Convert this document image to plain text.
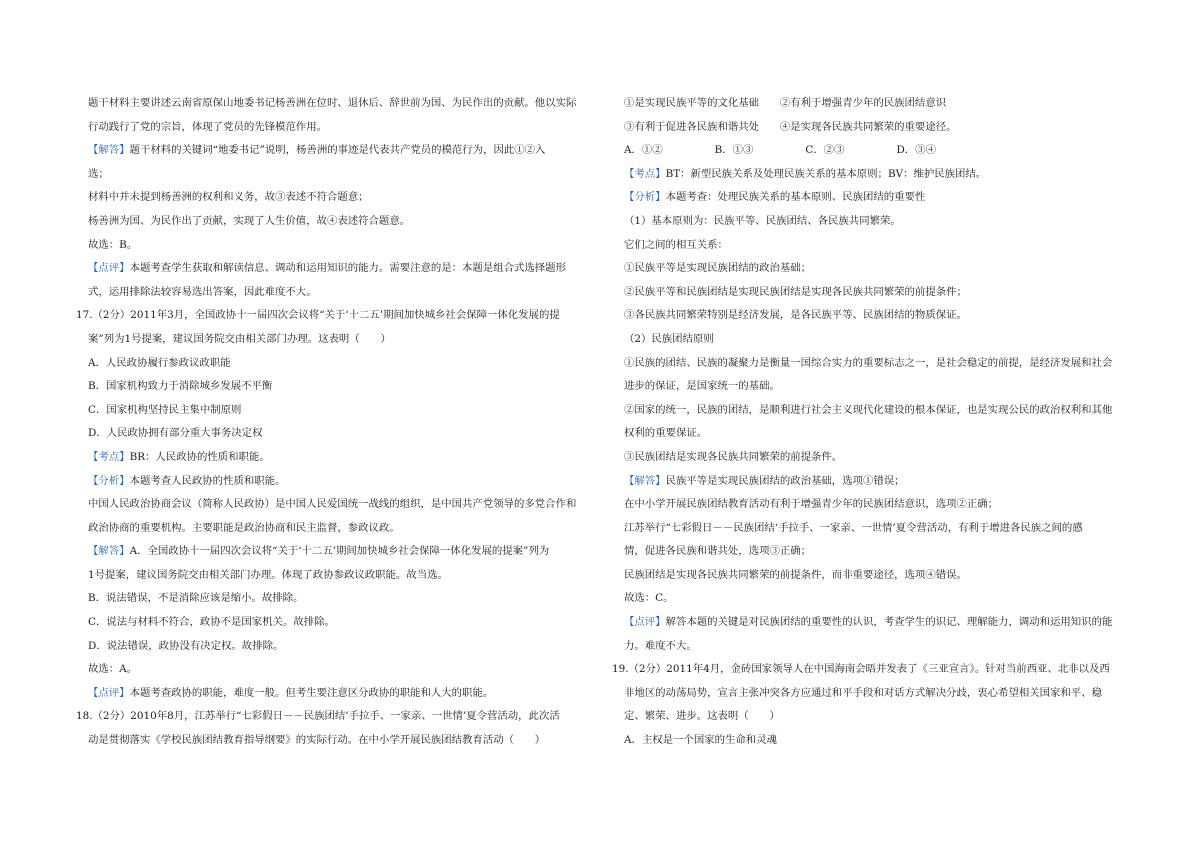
题干材料主要讲述云南省原保山地委书记杨善洲在位时、退休后、辞世前为国、为民作出的贡献。他以实际
行动践行了党的宗旨，体现了党员的先锋模范作用。
【解答】题干材料的关键词“地委书记”说明，杨善洲的事迹是代表共产党员的模范行为，因此①②入
选；
材料中并未提到杨善洲的权利和义务，故③表述不符合题意；
杨善洲为国、为民作出了贡献，实现了人生价值，故④表述符合题意。
故选：B。
【点评】本题考查学生获取和解读信息、调动和运用知识的能力。需要注意的是：本题是组合式选择题形
式，运用排除法较容易选出答案，因此难度不大。
17.（2分）2011年3月，全国政协十一届四次会议将“关于‘十二五’期间加快城乡社会保障一体化发展的提
案”列为1号提案，建议国务院交由相关部门办理。这表明（　　）
A．人民政协履行参政议政职能
B．国家机构致力于消除城乡发展不平衡
C．国家机构坚持民主集中制原则
D．人民政协拥有部分重大事务决定权
【考点】BR：人民政协的性质和职能。
【分析】本题考查人民政协的性质和职能。
中国人民政治协商会议（简称人民政协）是中国人民爱国统一战线的组织，是中国共产党领导的多党合作和
政治协商的重要机构。主要职能是政治协商和民主监督，参政议政。
【解答】A．全国政协十一届四次会议将“关于‘十二五’期间加快城乡社会保障一体化发展的提案”列为
1号提案，建议国务院交由相关部门办理。体现了政协参政议政职能。故当选。
B．说法错误，不是消除应该是缩小。故排除。
C．说法与材料不符合，政协不是国家机关。故排除。
D．说法错误，政协没有决定权。故排除。
故选：A。
【点评】本题考查政协的职能，难度一般。但考生要注意区分政协的职能和人大的职能。
18.（2分）2010年8月，江苏举行“七彩假日－－民族团结‘手拉手、一家亲、一世情’夏令营活动，此次活
动是贯彻落实《学校民族团结教育指导纲要》的实际行动。在中小学开展民族团结教育活动（　　）
①是实现民族平等的文化基础　　②有利于增强青少年的民族团结意识
③有利于促进各民族和谐共处　　④是实现各民族共同繁荣的重要途径。
A．①②　　　　　B．①③　　　　　C．②③　　　　　D．③④
【考点】BT：新型民族关系及处理民族关系的基本原则；BV：维护民族团结。
【分析】本题考查：处理民族关系的基本原则、民族团结的重要性
（1）基本原则为：民族平等、民族团结、各民族共同繁荣。
它们之间的相互关系：
①民族平等是实现民族团结的政治基础；
②民族平等和民族团结是实现民族团结是实现各民族共同繁荣的前提条件；
③各民族共同繁荣特别是经济发展，是各民族平等、民族团结的物质保证。
（2）民族团结原则
①民族的团结、民族的凝聚力是衡量一国综合实力的重要标志之一，是社会稳定的前提，是经济发展和社会
进步的保证，是国家统一的基础。
②国家的统一，民族的团结，是顺利进行社会主义现代化建设的根本保证，也是实现公民的政治权利和其他
权利的重要保证。
③民族团结是实现各民族共同繁荣的前提条件。
【解答】民族平等是实现民族团结的政治基础，选项①错误；
在中小学开展民族团结教育活动有利于增强青少年的民族团结意识，选项②正确；
江苏举行“七彩假日－－民族团结‘手拉手、一家亲、一世情’夏令营活动，有利于增进各民族之间的感
情，促进各民族和谐共处，选项③正确；
民族团结是实现各民族共同繁荣的前提条件，而非重要途径，选项④错误。
故选：C。
【点评】解答本题的关键是对民族团结的重要性的认识，考查学生的识记、理解能力，调动和运用知识的能
力。难度不大。
19.（2分）2011年4月，金砖国家领导人在中国海南会晤并发表了《三亚宣言》。针对当前西亚、北非以及西
非地区的动荡局势，宣言主张冲突各方应通过和平手段和对话方式解决分歧，衷心希望相关国家和平、稳
定、繁荣、进步。这表明（　　）
A．主权是一个国家的生命和灵魂
